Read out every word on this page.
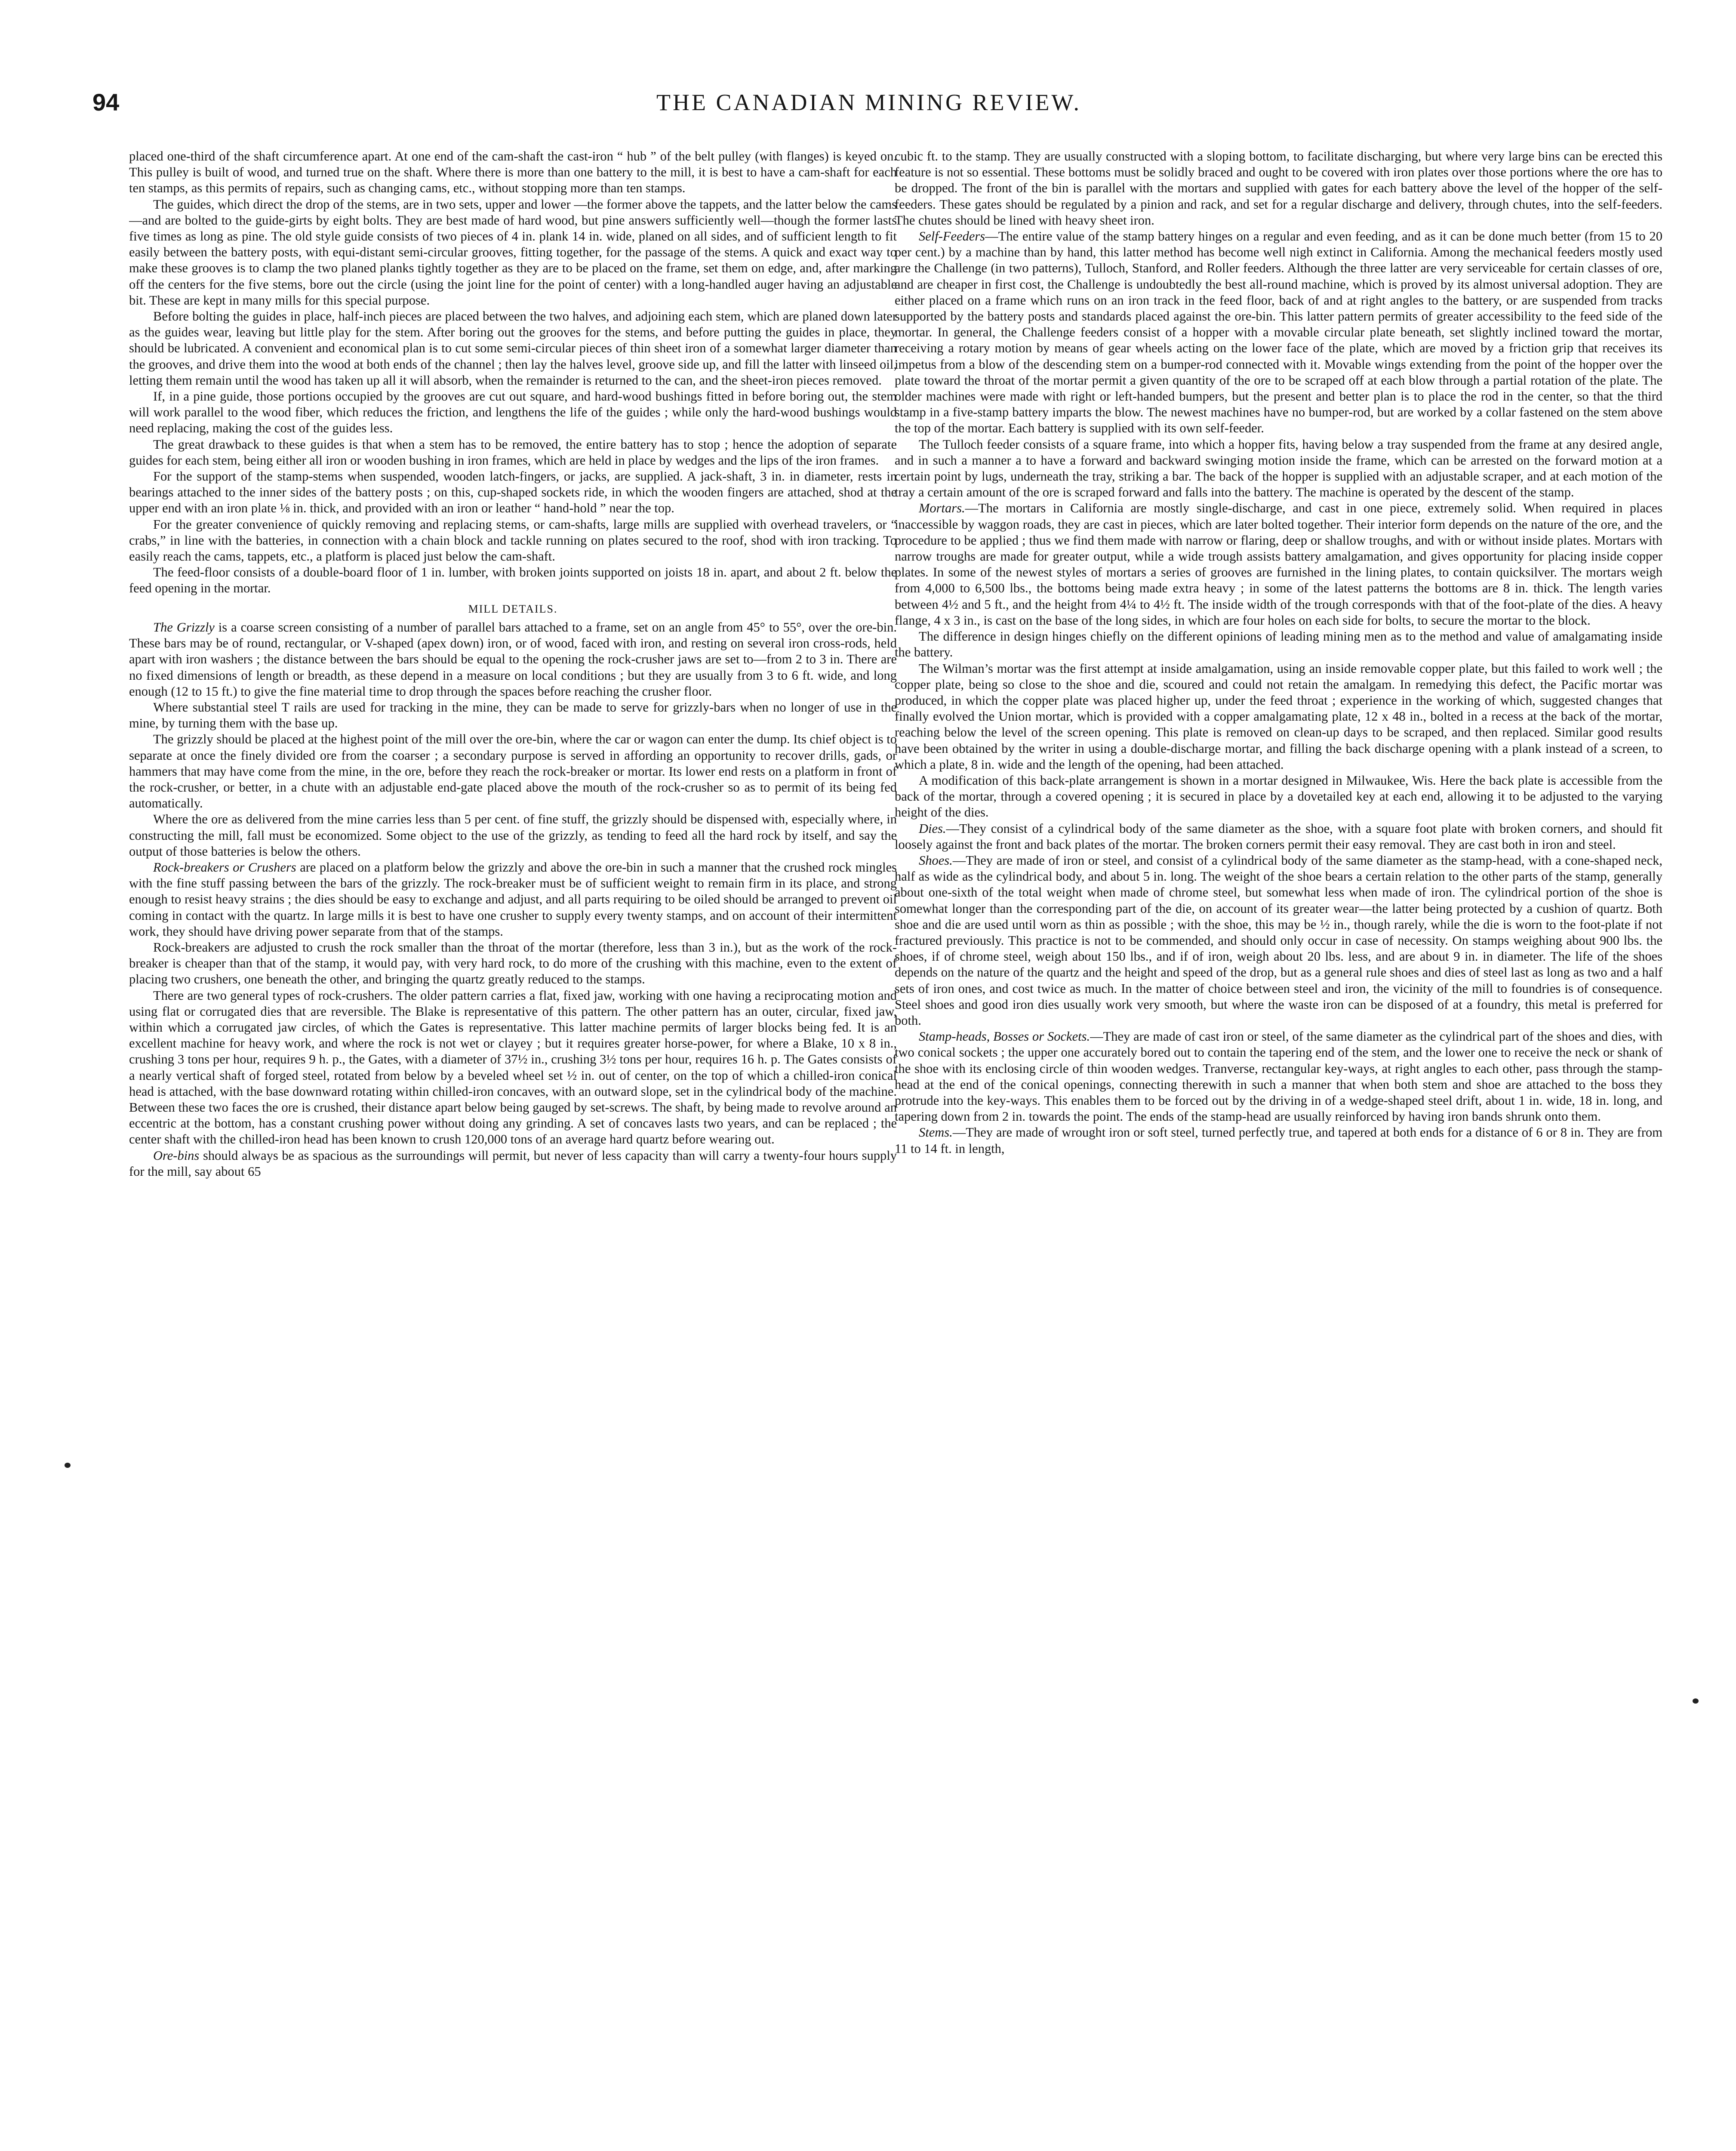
94	THE CANADIAN MINING REVIEW.

placed one-third of the shaft circumference apart. At one end of the cam-shaft the cast-iron “ hub ” of the belt pulley (with flanges) is keyed on. This pulley is built of wood, and turned true on the shaft. Where there is more than one battery to the mill, it is best to have a cam-shaft for each ten stamps, as this permits of repairs, such as changing cams, etc., without stopping more than ten stamps.

The guides, which direct the drop of the stems, are in two sets, upper and lower —the former above the tappets, and the latter below the cams—and are bolted to the guide-girts by eight bolts. They are best made of hard wood, but pine answers sufficiently well—though the former lasts five times as long as pine. The old style guide consists of two pieces of 4 in. plank 14 in. wide, planed on all sides, and of sufficient length to fit easily between the battery posts, with equi-distant semi-circular grooves, fitting together, for the passage of the stems. A quick and exact way to make these grooves is to clamp the two planed planks tightly together as they are to be placed on the frame, set them on edge, and, after marking off the centers for the five stems, bore out the circle (using the joint line for the point of center) with a long-handled auger having an adjustable bit. These are kept in many mills for this special purpose.

Before bolting the guides in place, half-inch pieces are placed between the two halves, and adjoining each stem, which are planed down later as the guides wear, leaving but little play for the stem. After boring out the grooves for the stems, and before putting the guides in place, they should be lubricated. A convenient and economical plan is to cut some semi-circular pieces of thin sheet iron of a somewhat larger diameter than the grooves, and drive them into the wood at both ends of the channel ; then lay the halves level, groove side up, and fill the latter with linseed oil, letting them remain until the wood has taken up all it will absorb, when the remainder is returned to the can, and the sheet-iron pieces removed.

If, in a pine guide, those portions occupied by the grooves are cut out square, and hard-wood bushings fitted in before boring out, the stem will work parallel to the wood fiber, which reduces the friction, and lengthens the life of the guides ; while only the hard-wood bushings would need replacing, making the cost of the guides less.

The great drawback to these guides is that when a stem has to be removed, the entire battery has to stop ; hence the adoption of separate guides for each stem, being either all iron or wooden bushing in iron frames, which are held in place by wedges and the lips of the iron frames.

For the support of the stamp-stems when suspended, wooden latch-fingers, or jacks, are supplied. A jack-shaft, 3 in. in diameter, rests in bearings attached to the inner sides of the battery posts ; on this, cup-shaped sockets ride, in which the wooden fingers are attached, shod at the upper end with an iron plate ⅛ in. thick, and provided with an iron or leather “ hand-hold ” near the top.

For the greater convenience of quickly removing and replacing stems, or cam-shafts, large mills are supplied with overhead travelers, or “ crabs,” in line with the batteries, in connection with a chain block and tackle running on plates secured to the roof, shod with iron tracking. To easily reach the cams, tappets, etc., a platform is placed just below the cam-shaft.

The feed-floor consists of a double-board floor of 1 in. lumber, with broken joints supported on joists 18 in. apart, and about 2 ft. below the feed opening in the mortar.

MILL DETAILS.

The Grizzly is a coarse screen consisting of a number of parallel bars attached to a frame, set on an angle from 45° to 55°, over the ore-bin. These bars may be of round, rectangular, or V-shaped (apex down) iron, or of wood, faced with iron, and resting on several iron cross-rods, held apart with iron washers ; the distance between the bars should be equal to the opening the rock-crusher jaws are set to—from 2 to 3 in. There are no fixed dimensions of length or breadth, as these depend in a measure on local conditions ; but they are usually from 3 to 6 ft. wide, and long enough (12 to 15 ft.) to give the fine material time to drop through the spaces before reaching the crusher floor.

Where substantial steel T rails are used for tracking in the mine, they can be made to serve for grizzly-bars when no longer of use in the mine, by turning them with the base up.

The grizzly should be placed at the highest point of the mill over the ore-bin, where the car or wagon can enter the dump. Its chief object is to separate at once the finely divided ore from the coarser ; a secondary purpose is served in affording an opportunity to recover drills, gads, or hammers that may have come from the mine, in the ore, before they reach the rock-breaker or mortar. Its lower end rests on a platform in front of the rock-crusher, or better, in a chute with an adjustable end-gate placed above the mouth of the rock-crusher so as to permit of its being fed automatically.

Where the ore as delivered from the mine carries less than 5 per cent. of fine stuff, the grizzly should be dispensed with, especially where, in constructing the mill, fall must be economized. Some object to the use of the grizzly, as tending to feed all the hard rock by itself, and say the output of those batteries is below the others.

Rock-breakers or Crushers are placed on a platform below the grizzly and above the ore-bin in such a manner that the crushed rock mingles with the fine stuff passing between the bars of the grizzly. The rock-breaker must be of sufficient weight to remain firm in its place, and strong enough to resist heavy strains ; the dies should be easy to exchange and adjust, and all parts requiring to be oiled should be arranged to prevent oil coming in contact with the quartz. In large mills it is best to have one crusher to supply every twenty stamps, and on account of their intermittent work, they should have driving power separate from that of the stamps.

Rock-breakers are adjusted to crush the rock smaller than the throat of the mortar (therefore, less than 3 in.), but as the work of the rock-breaker is cheaper than that of the stamp, it would pay, with very hard rock, to do more of the crushing with this machine, even to the extent of placing two crushers, one beneath the other, and bringing the quartz greatly reduced to the stamps.

There are two general types of rock-crushers. The older pattern carries a flat, fixed jaw, working with one having a reciprocating motion and using flat or corrugated dies that are reversible. The Blake is representative of this pattern. The other pattern has an outer, circular, fixed jaw, within which a corrugated jaw circles, of which the Gates is representative. This latter machine permits of larger blocks being fed. It is an excellent machine for heavy work, and where the rock is not wet or clayey ; but it requires greater horse-power, for where a Blake, 10 x 8 in., crushing 3 tons per hour, requires 9 h. p., the Gates, with a diameter of 37½ in., crushing 3½ tons per hour, requires 16 h. p. The Gates consists of a nearly vertical shaft of forged steel, rotated from below by a beveled wheel set ½ in. out of center, on the top of which a chilled-iron conical head is attached, with the base downward rotating within chilled-iron concaves, with an outward slope, set in the cylindrical body of the machine. Between these two faces the ore is crushed, their distance apart below being gauged by set-screws. The shaft, by being made to revolve around an eccentric at the bottom, has a constant crushing power without doing any grinding. A set of concaves lasts two years, and can be replaced ; the center shaft with the chilled-iron head has been known to crush 120,000 tons of an average hard quartz before wearing out.

Ore-bins should always be as spacious as the surroundings will permit, but never of less capacity than will carry a twenty-four hours supply for the mill, say about 65

cubic ft. to the stamp. They are usually constructed with a sloping bottom, to facilitate discharging, but where very large bins can be erected this feature is not so essential. These bottoms must be solidly braced and ought to be covered with iron plates over those portions where the ore has to be dropped. The front of the bin is parallel with the mortars and supplied with gates for each battery above the level of the hopper of the self-feeders. These gates should be regulated by a pinion and rack, and set for a regular discharge and delivery, through chutes, into the self-feeders. The chutes should be lined with heavy sheet iron.

Self-Feeders—The entire value of the stamp battery hinges on a regular and even feeding, and as it can be done much better (from 15 to 20 per cent.) by a machine than by hand, this latter method has become well nigh extinct in California. Among the mechanical feeders mostly used are the Challenge (in two patterns), Tulloch, Stanford, and Roller feeders. Although the three latter are very serviceable for certain classes of ore, and are cheaper in first cost, the Challenge is undoubtedly the best all-round machine, which is proved by its almost universal adoption. They are either placed on a frame which runs on an iron track in the feed floor, back of and at right angles to the battery, or are suspended from tracks supported by the battery posts and standards placed against the ore-bin. This latter pattern permits of greater accessibility to the feed side of the mortar. In general, the Challenge feeders consist of a hopper with a movable circular plate beneath, set slightly inclined toward the mortar, receiving a rotary motion by means of gear wheels acting on the lower face of the plate, which are moved by a friction grip that receives its impetus from a blow of the descending stem on a bumper-rod connected with it. Movable wings extending from the point of the hopper over the plate toward the throat of the mortar permit a given quantity of the ore to be scraped off at each blow through a partial rotation of the plate. The older machines were made with right or left-handed bumpers, but the present and better plan is to place the rod in the center, so that the third stamp in a five-stamp battery imparts the blow. The newest machines have no bumper-rod, but are worked by a collar fastened on the stem above the top of the mortar. Each battery is supplied with its own self-feeder.

The Tulloch feeder consists of a square frame, into which a hopper fits, having below a tray suspended from the frame at any desired angle, and in such a manner a to have a forward and backward swinging motion inside the frame, which can be arrested on the forward motion at a certain point by lugs, underneath the tray, striking a bar. The back of the hopper is supplied with an adjustable scraper, and at each motion of the tray a certain amount of the ore is scraped forward and falls into the battery. The machine is operated by the descent of the stamp.

Mortars.—The mortars in California are mostly single-discharge, and cast in one piece, extremely solid. When required in places inaccessible by waggon roads, they are cast in pieces, which are later bolted together. Their interior form depends on the nature of the ore, and the procedure to be applied ; thus we find them made with narrow or flaring, deep or shallow troughs, and with or without inside plates. Mortars with narrow troughs are made for greater output, while a wide trough assists battery amalgamation, and gives opportunity for placing inside copper plates. In some of the newest styles of mortars a series of grooves are furnished in the lining plates, to contain quicksilver. The mortars weigh from 4,000 to 6,500 lbs., the bottoms being made extra heavy ; in some of the latest patterns the bottoms are 8 in. thick. The length varies between 4½ and 5 ft., and the height from 4¼ to 4½ ft. The inside width of the trough corresponds with that of the foot-plate of the dies. A heavy flange, 4 x 3 in., is cast on the base of the long sides, in which are four holes on each side for bolts, to secure the mortar to the block.

The difference in design hinges chiefly on the different opinions of leading mining men as to the method and value of amalgamating inside the battery.

The Wilman’s mortar was the first attempt at inside amalgamation, using an inside removable copper plate, but this failed to work well ; the copper plate, being so close to the shoe and die, scoured and could not retain the amalgam. In remedying this defect, the Pacific mortar was produced, in which the copper plate was placed higher up, under the feed throat ; experience in the working of which, suggested changes that finally evolved the Union mortar, which is provided with a copper amalgamating plate, 12 x 48 in., bolted in a recess at the back of the mortar, reaching below the level of the screen opening. This plate is removed on clean-up days to be scraped, and then replaced. Similar good results have been obtained by the writer in using a double-discharge mortar, and filling the back discharge opening with a plank instead of a screen, to which a plate, 8 in. wide and the length of the opening, had been attached.

A modification of this back-plate arrangement is shown in a mortar designed in Milwaukee, Wis. Here the back plate is accessible from the back of the mortar, through a covered opening ; it is secured in place by a dovetailed key at each end, allowing it to be adjusted to the varying height of the dies.

Dies.—They consist of a cylindrical body of the same diameter as the shoe, with a square foot plate with broken corners, and should fit loosely against the front and back plates of the mortar. The broken corners permit their easy removal. They are cast both in iron and steel.

Shoes.—They are made of iron or steel, and consist of a cylindrical body of the same diameter as the stamp-head, with a cone-shaped neck, half as wide as the cylindrical body, and about 5 in. long. The weight of the shoe bears a certain relation to the other parts of the stamp, generally about one-sixth of the total weight when made of chrome steel, but somewhat less when made of iron. The cylindrical portion of the shoe is somewhat longer than the corresponding part of the die, on account of its greater wear—the latter being protected by a cushion of quartz. Both shoe and die are used until worn as thin as possible ; with the shoe, this may be ½ in., though rarely, while the die is worn to the foot-plate if not fractured previously. This practice is not to be commended, and should only occur in case of necessity. On stamps weighing about 900 lbs. the shoes, if of chrome steel, weigh about 150 lbs., and if of iron, weigh about 20 lbs. less, and are about 9 in. in diameter. The life of the shoes depends on the nature of the quartz and the height and speed of the drop, but as a general rule shoes and dies of steel last as long as two and a half sets of iron ones, and cost twice as much. In the matter of choice between steel and iron, the vicinity of the mill to foundries is of consequence. Steel shoes and good iron dies usually work very smooth, but where the waste iron can be disposed of at a foundry, this metal is preferred for both.

Stamp-heads, Bosses or Sockets.—They are made of cast iron or steel, of the same diameter as the cylindrical part of the shoes and dies, with two conical sockets ; the upper one accurately bored out to contain the tapering end of the stem, and the lower one to receive the neck or shank of the shoe with its enclosing circle of thin wooden wedges. Tranverse, rectangular key-ways, at right angles to each other, pass through the stamp-head at the end of the conical openings, connecting therewith in such a manner that when both stem and shoe are attached to the boss they protrude into the key-ways. This enables them to be forced out by the driving in of a wedge-shaped steel drift, about 1 in. wide, 18 in. long, and tapering down from 2 in. towards the point. The ends of the stamp-head are usually reinforced by having iron bands shrunk onto them.

Stems.—They are made of wrought iron or soft steel, turned perfectly true, and tapered at both ends for a distance of 6 or 8 in. They are from 11 to 14 ft. in length,
